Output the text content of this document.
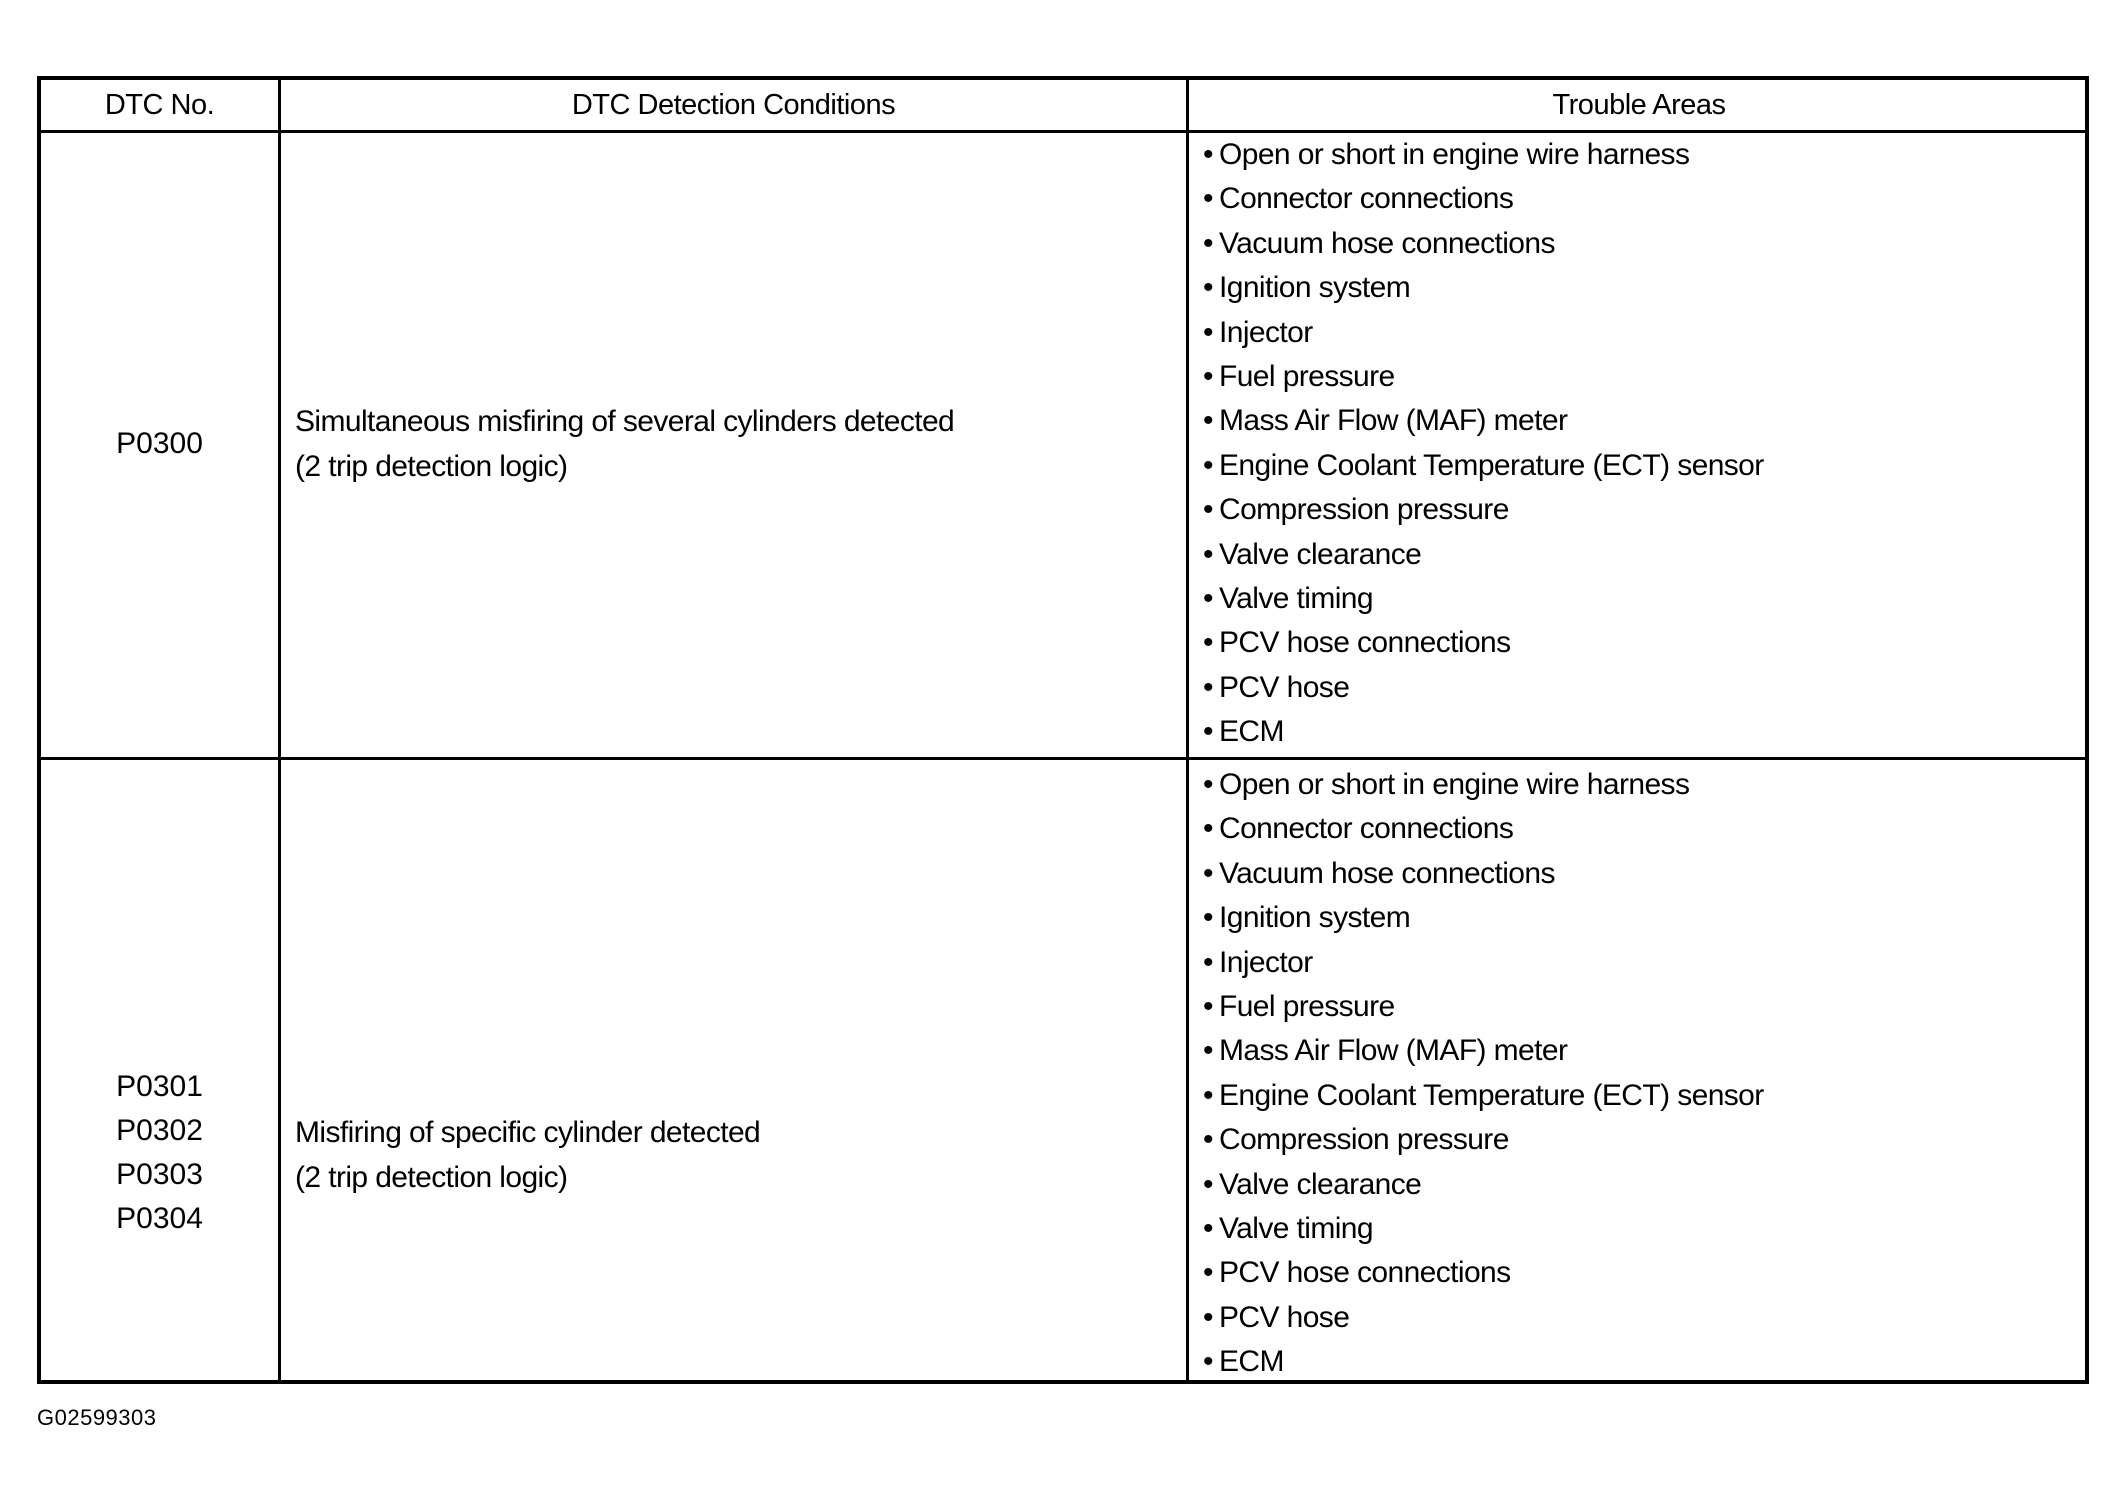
DTC No.	DTC Detection Conditions	Trouble Areas
P0300
Simultaneous misfiring of several cylinders detected
(2 trip detection logic)
• Open or short in engine wire harness
• Connector connections
• Vacuum hose connections
• Ignition system
• Injector
• Fuel pressure
• Mass Air Flow (MAF) meter
• Engine Coolant Temperature (ECT) sensor
• Compression pressure
• Valve clearance
• Valve timing
• PCV hose connections
• PCV hose
• ECM
P0301
P0302
P0303
P0304
Misfiring of specific cylinder detected
(2 trip detection logic)
• Open or short in engine wire harness
• Connector connections
• Vacuum hose connections
• Ignition system
• Injector
• Fuel pressure
• Mass Air Flow (MAF) meter
• Engine Coolant Temperature (ECT) sensor
• Compression pressure
• Valve clearance
• Valve timing
• PCV hose connections
• PCV hose
• ECM
G02599303
